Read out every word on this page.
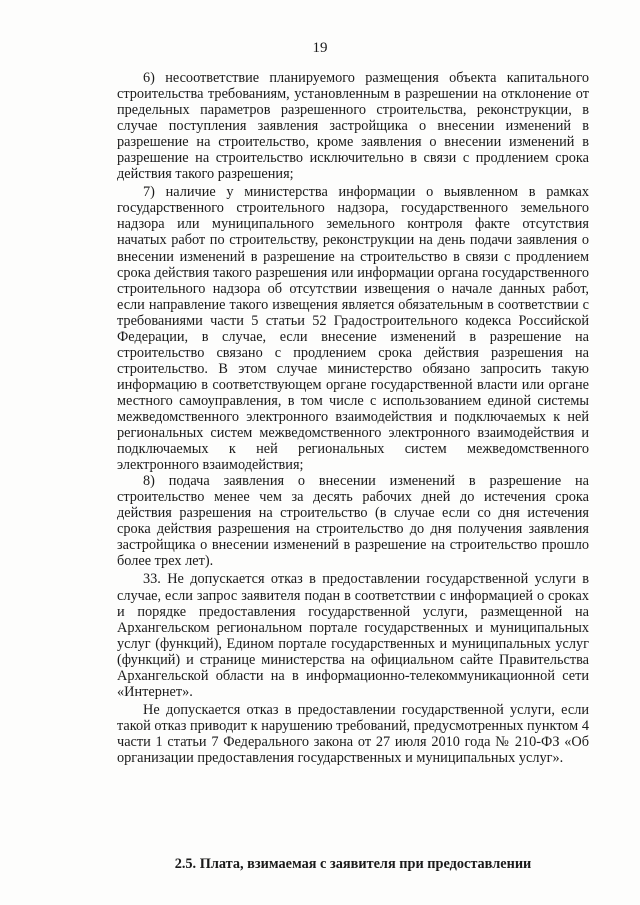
19

6) несоответствие планируемого размещения объекта капитального строительства требованиям, установленным в разрешении на отклонение от предельных параметров разрешенного строительства, реконструкции, в случае поступления заявления застройщика о внесении изменений в разрешение на строительство, кроме заявления о внесении изменений в разрешение на строительство исключительно в связи с продлением срока действия такого разрешения;

7) наличие у министерства информации о выявленном в рамках государственного строительного надзора, государственного земельного надзора или муниципального земельного контроля факте отсутствия начатых работ по строительству, реконструкции на день подачи заявления о внесении изменений в разрешение на строительство в связи с продлением срока действия такого разрешения или информации органа государственного строительного надзора об отсутствии извещения о начале данных работ, если направление такого извещения является обязательным в соответствии с требованиями части 5 статьи 52 Градостроительного кодекса Российской Федерации, в случае, если внесение изменений в разрешение на строительство связано с продлением срока действия разрешения на строительство. В этом случае министерство обязано запросить такую информацию в соответствующем органе государственной власти или органе местного самоуправления, в том числе с использованием единой системы межведомственного электронного взаимодействия и подключаемых к ней региональных систем межведомственного электронного взаимодействия и подключаемых к ней региональных систем межведомственного электронного взаимодействия;

8) подача заявления о внесении изменений в разрешение на строительство менее чем за десять рабочих дней до истечения срока действия разрешения на строительство (в случае если со дня истечения срока действия разрешения на строительство до дня получения заявления застройщика о внесении изменений в разрешение на строительство прошло более трех лет).

33. Не допускается отказ в предоставлении государственной услуги в случае, если запрос заявителя подан в соответствии с информацией о сроках и порядке предоставления государственной услуги, размещенной на Архангельском региональном портале государственных и муниципальных услуг (функций), Едином портале государственных и муниципальных услуг (функций) и странице министерства на официальном сайте Правительства Архангельской области на в информационно-телекоммуникационной сети «Интернет».

Не допускается отказ в предоставлении государственной услуги, если такой отказ приводит к нарушению требований, предусмотренных пунктом 4 части 1 статьи 7 Федерального закона от 27 июля 2010 года № 210-ФЗ «Об организации предоставления государственных и муниципальных услуг».

2.5. Плата, взимаемая с заявителя при предоставлении
